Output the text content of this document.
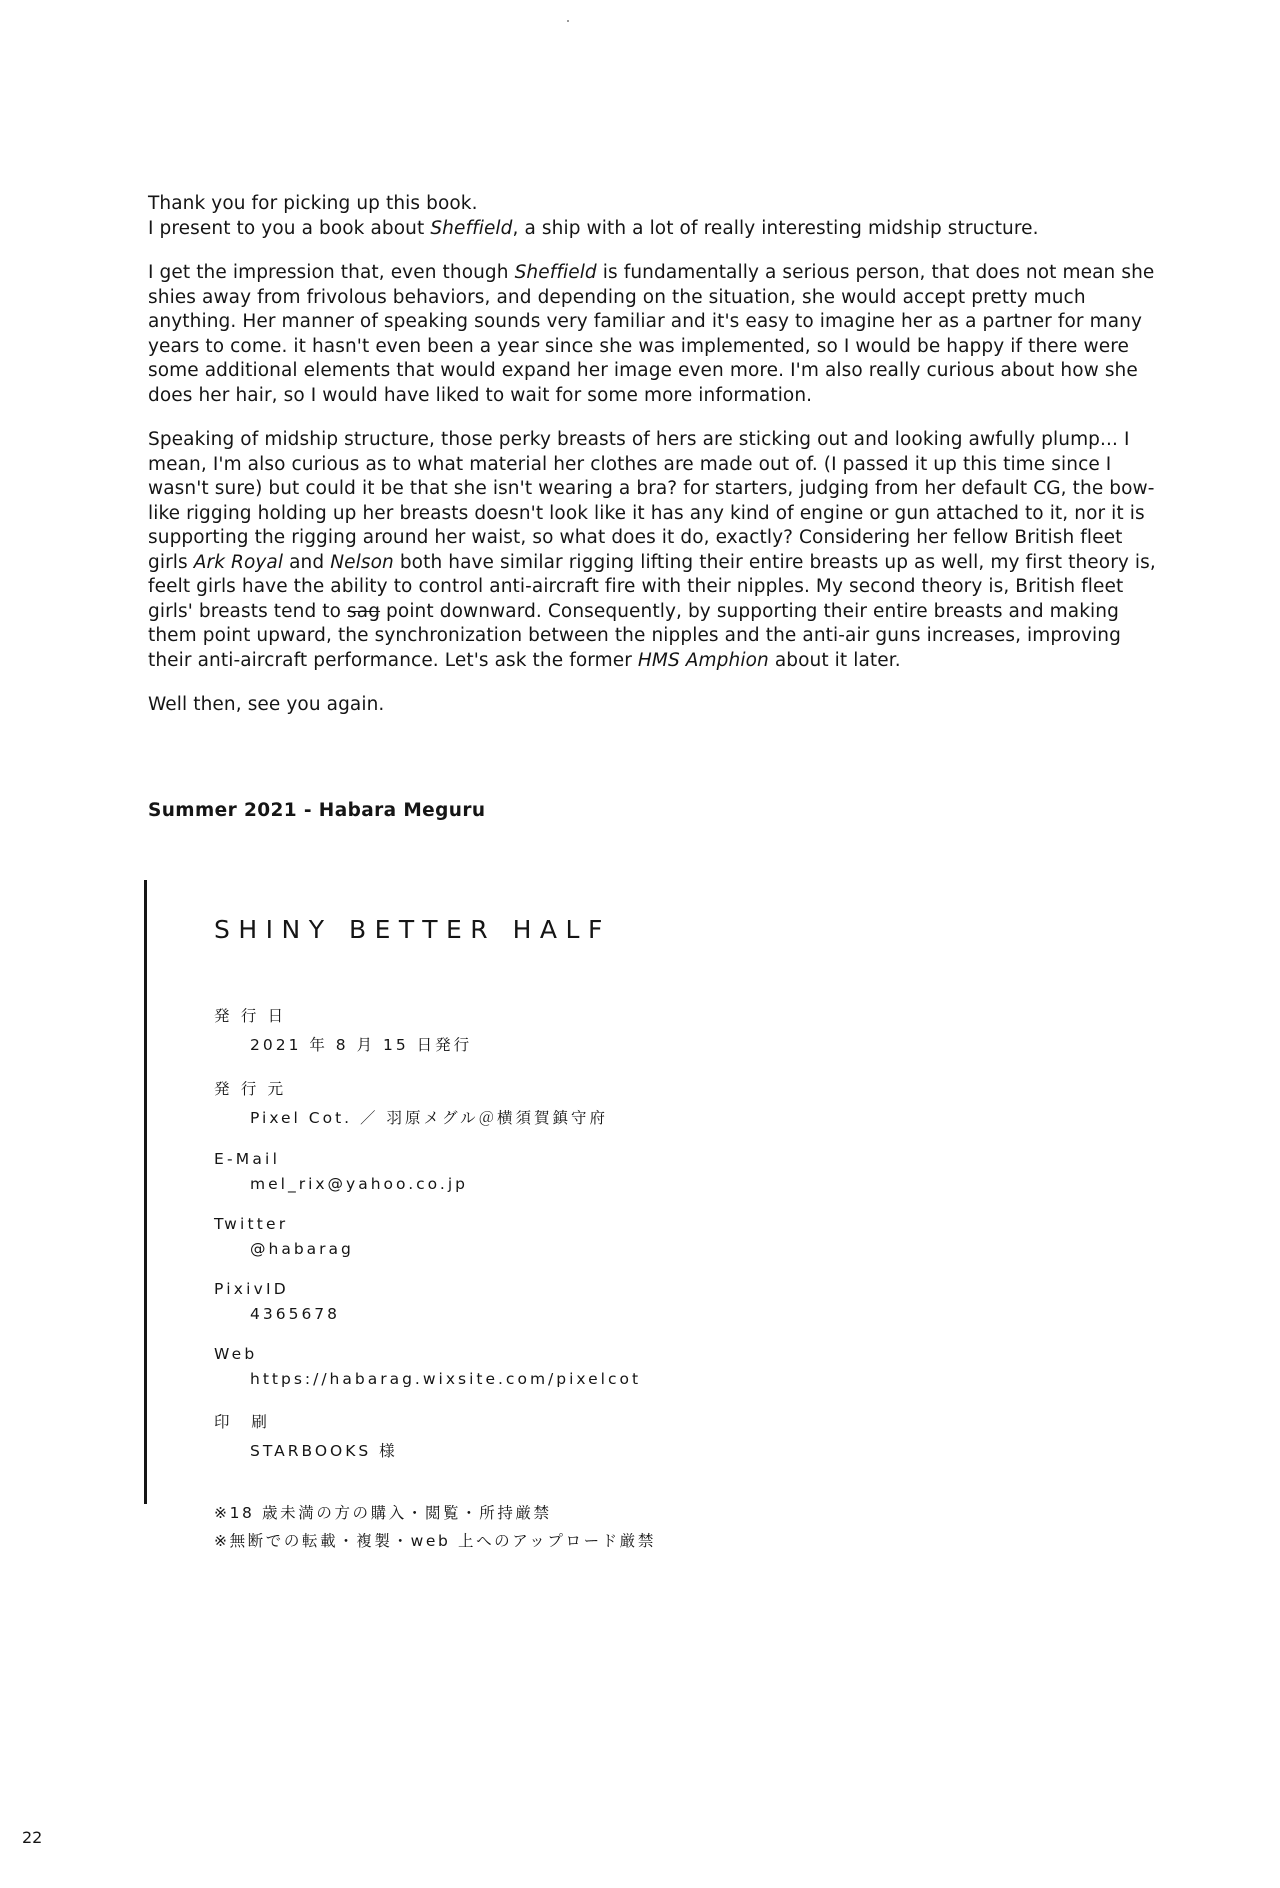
Thank you for picking up this book.
I present to you a book about Sheffield, a ship with a lot of really interesting midship structure.

I get the impression that, even though Sheffield is fundamentally a serious person, that does not mean she shies away from frivolous behaviors, and depending on the situation, she would accept pretty much anything. Her manner of speaking sounds very familiar and it's easy to imagine her as a partner for many years to come. it hasn't even been a year since she was implemented, so I would be happy if there were some additional elements that would expand her image even more. I'm also really curious about how she does her hair, so I would have liked to wait for some more information.

Speaking of midship structure, those perky breasts of hers are sticking out and looking awfully plump... I mean, I'm also curious as to what material her clothes are made out of. (I passed it up this time since I wasn't sure) but could it be that she isn't wearing a bra? for starters, judging from her default CG, the bow-like rigging holding up her breasts doesn't look like it has any kind of engine or gun attached to it, nor it is supporting the rigging around her waist, so what does it do, exactly? Considering her fellow British fleet girls Ark Royal and Nelson both have similar rigging lifting their entire breasts up as well, my first theory is, feelt girls have the ability to control anti-aircraft fire with their nipples. My second theory is, British fleet girls' breasts tend to sag point downward. Consequently, by supporting their entire breasts and making them point upward, the synchronization between the nipples and the anti-air guns increases, improving their anti-aircraft performance. Let's ask the former HMS Amphion about it later.

Well then, see you again.

Summer 2021 - Habara Meguru
SHINY BETTER HALF
発 行 日
2021 年 8 月 15 日発行
発 行 元
Pixel Cot. ／ 羽原メグル＠横須賀鎮守府
E-Mail
mel_rix@yahoo.co.jp
Twitter
@habarag
PixivID
4365678
Web
https://habarag.wixsite.com/pixelcot
印　刷
STARBOOKS 様
※18 歳未満の方の購入・閲覧・所持厳禁
※無断での転載・複製・web 上へのアップロード厳禁
22
